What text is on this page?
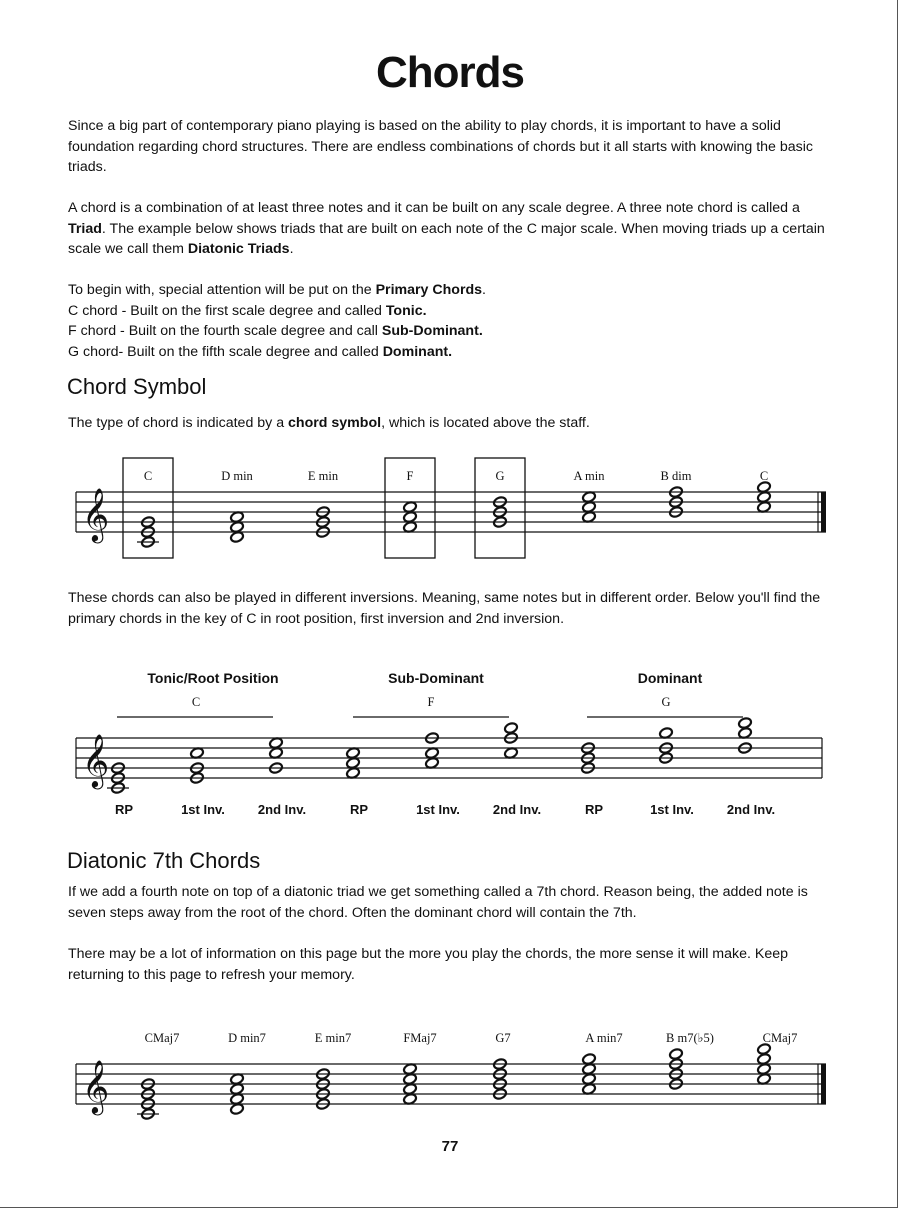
Chords

Since a big part of contemporary piano playing is based on the ability to play chords, it is important to have a solid foundation regarding chord structures. There are endless combinations of chords but it all starts with knowing the basic triads.

A chord is a combination of at least three notes and it can be built on any scale degree. A three note chord is called a Triad. The example below shows triads that are built on each note of the C major scale. When moving triads up a certain scale we call them Diatonic Triads.

To begin with, special attention will be put on the Primary Chords.
C chord - Built on the first scale degree and called Tonic.
F chord - Built on the fourth scale degree and call Sub-Dominant.
G chord- Built on the fifth scale degree and called Dominant.

Chord Symbol

The type of chord is indicated by a chord symbol, which is located above the staff.

𝄞
C	D min	E min	F	G	A min	B dim	C

These chords can also be played in different inversions. Meaning, same notes but in different order. Below you'll find the primary chords in the key of C in root position, first inversion and 2nd inversion.

Tonic/Root Position
C
Sub-Dominant
F
Dominant
G
𝄞
RP	1st Inv.	2nd Inv.	RP	1st Inv.	2nd Inv.	RP	1st Inv.	2nd Inv.
Diatonic 7th Chords

If we add a fourth note on top of a diatonic triad we get something called a 7th chord. Reason being, the added note is seven steps away from the root of the chord. Often the dominant chord will contain the 7th.

There may be a lot of information on this page but the more you play the chords, the more sense it will make. Keep returning to this page to refresh your memory.

𝄞
CMaj7	D min7	E min7	FMaj7	G7	A min7	B m7(♭5)	CMaj7
77
